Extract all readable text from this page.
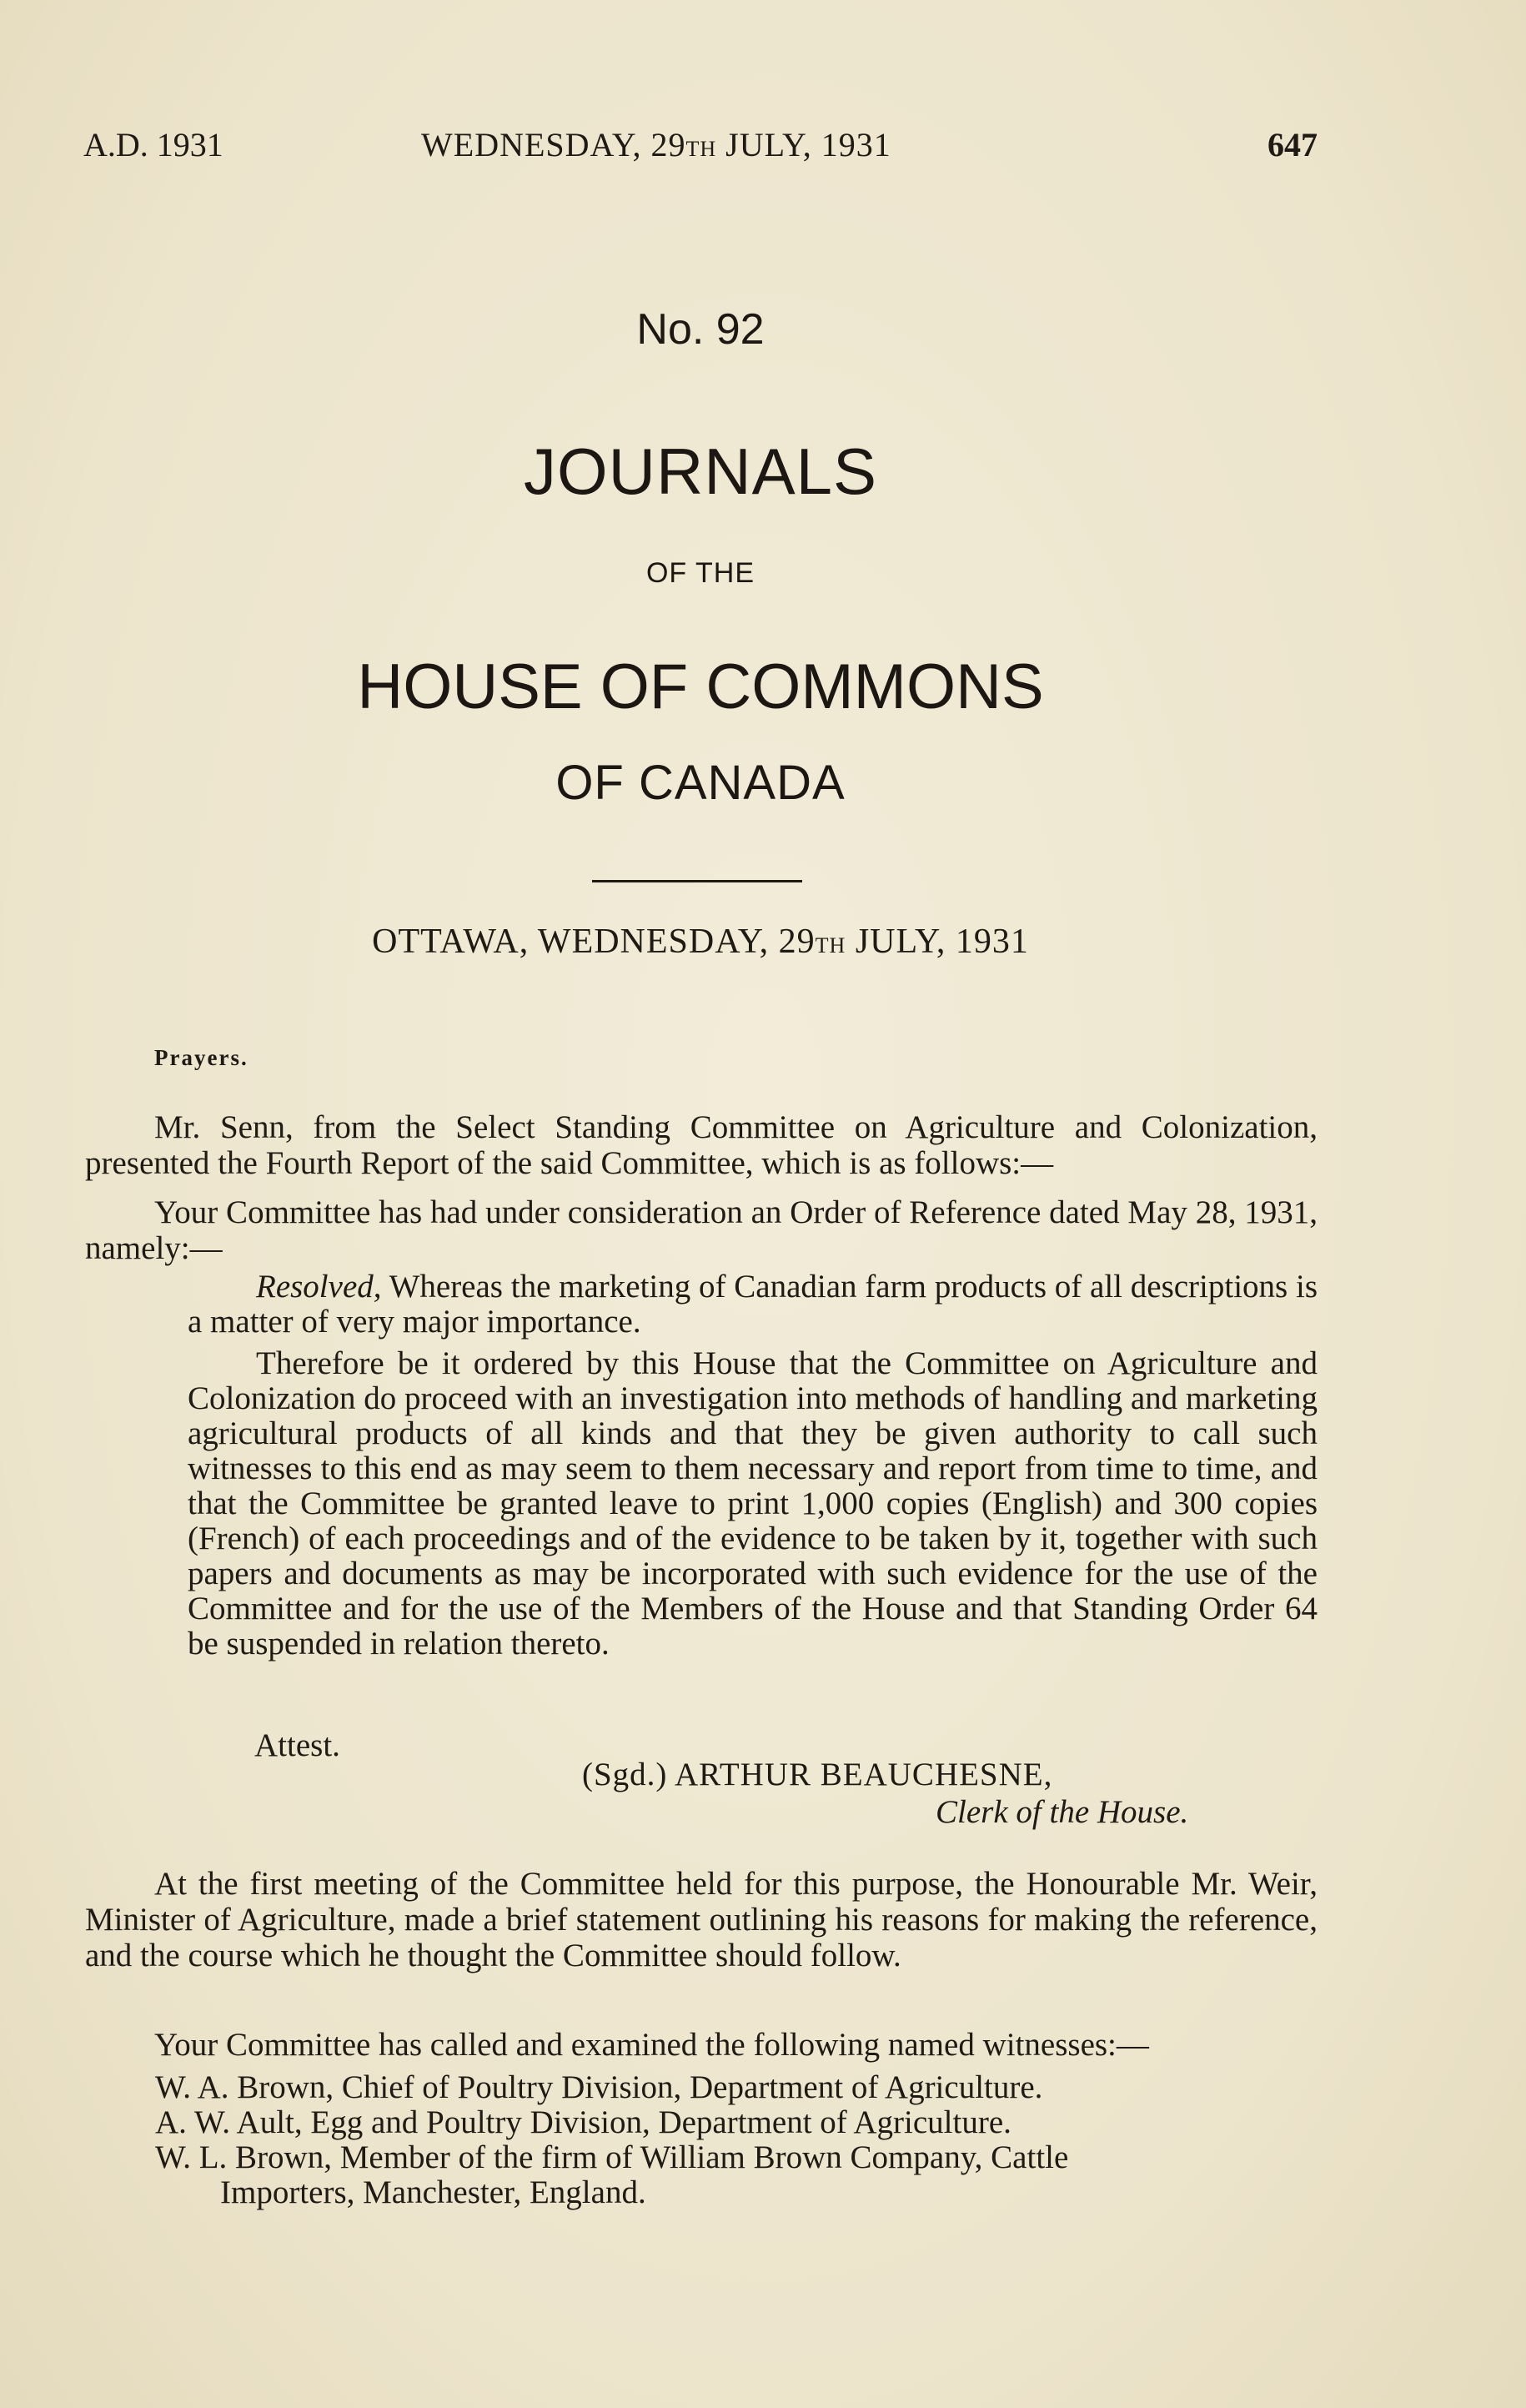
A.D. 1931	WEDNESDAY, 29TH JULY, 1931	647
No. 92
JOURNALS
OF THE
HOUSE OF COMMONS
OF CANADA
OTTAWA, WEDNESDAY, 29TH JULY, 1931
Prayers.
Mr. Senn, from the Select Standing Committee on Agriculture and Colonization, presented the Fourth Report of the said Committee, which is as follows:—
Your Committee has had under consideration an Order of Reference dated May 28, 1931, namely:—
Resolved, Whereas the marketing of Canadian farm products of all descriptions is a matter of very major importance.
Therefore be it ordered by this House that the Committee on Agriculture and Colonization do proceed with an investigation into methods of handling and marketing agricultural products of all kinds and that they be given authority to call such witnesses to this end as may seem to them necessary and report from time to time, and that the Committee be granted leave to print 1,000 copies (English) and 300 copies (French) of each proceedings and of the evidence to be taken by it, together with such papers and documents as may be incorporated with such evidence for the use of the Committee and for the use of the Members of the House and that Standing Order 64 be suspended in relation thereto.
Attest.
(Sgd.) ARTHUR BEAUCHESNE,
Clerk of the House.
At the first meeting of the Committee held for this purpose, the Honourable Mr. Weir, Minister of Agriculture, made a brief statement outlining his reasons for making the reference, and the course which he thought the Committee should follow.
Your Committee has called and examined the following named witnesses:—
W. A. Brown, Chief of Poultry Division, Department of Agriculture.
A. W. Ault, Egg and Poultry Division, Department of Agriculture.
W. L. Brown, Member of the firm of William Brown Company, Cattle
Importers, Manchester, England.
